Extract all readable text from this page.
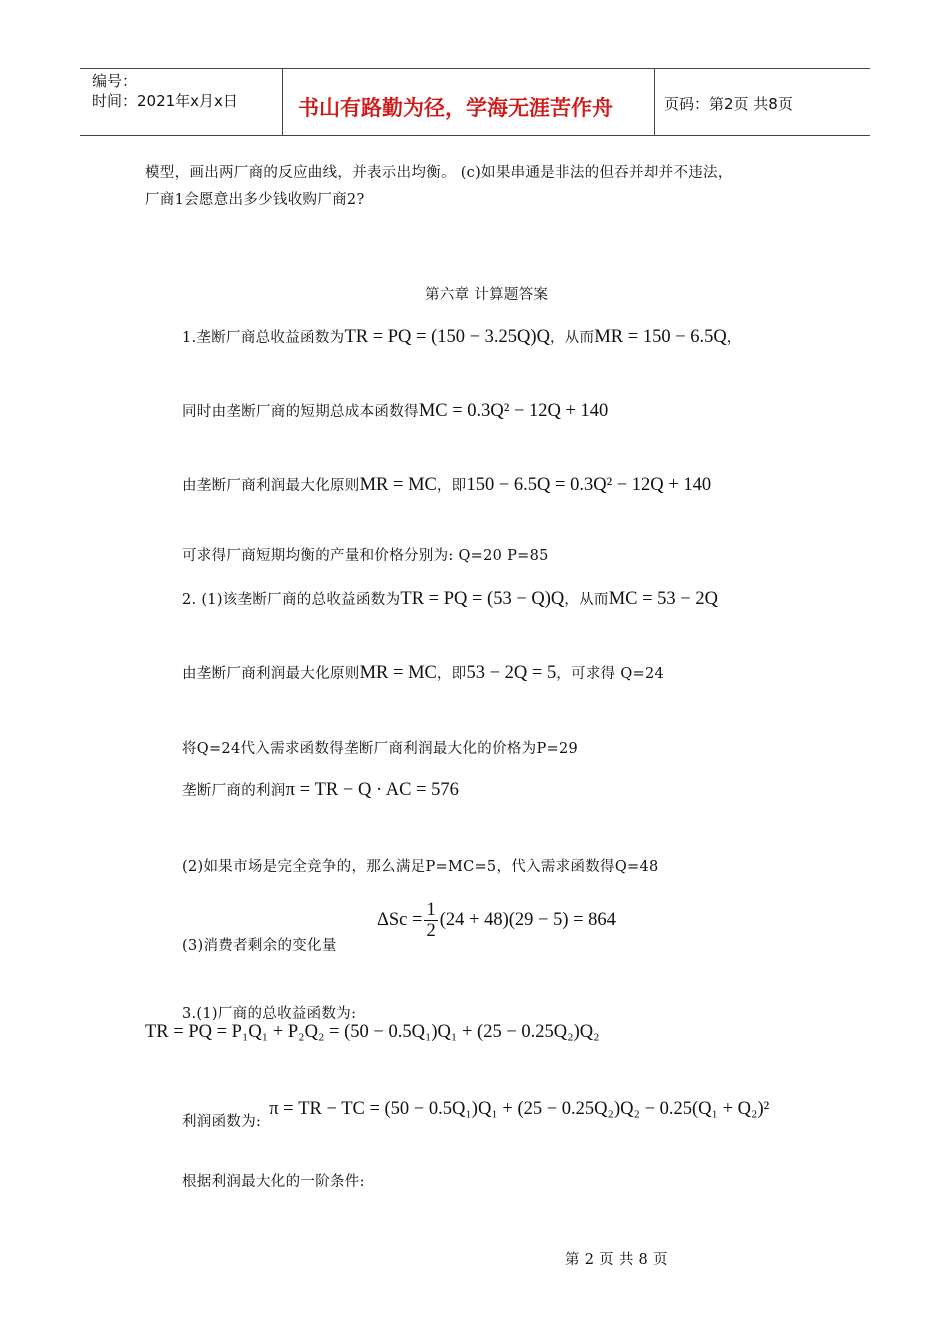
编号：
时间：2021年x月x日	书山有路勤为径，学海无涯苦作舟	页码：第2页 共8页
模型，画出两厂商的反应曲线，并表示出均衡。 (c)如果串通是非法的但吞并却并不违法，
厂商1会愿意出多少钱收购厂商2?
第六章 计算题答案
1.垄断厂商总收益函数为TR = PQ = (150 − 3.25Q)Q，从而MR = 150 − 6.5Q，
同时由垄断厂商的短期总成本函数得MC = 0.3Q² − 12Q + 140
由垄断厂商利润最大化原则MR = MC，即150 − 6.5Q = 0.3Q² − 12Q + 140
可求得厂商短期均衡的产量和价格分别为: Q=20 P=85
2. (1)该垄断厂商的总收益函数为TR = PQ = (53 − Q)Q，从而MC = 53 − 2Q
由垄断厂商利润最大化原则MR = MC，即53 − 2Q = 5，可求得 Q=24
将Q=24代入需求函数得垄断厂商利润最大化的价格为P=29
垄断厂商的利润π = TR − Q · AC = 576
(2)如果市场是完全竞争的，那么满足P=MC=5，代入需求函数得Q=48
(3)消费者剩余的变化量
$\Delta Sc = \frac{1}{2} (24 + 48)(29 - 5) = 864$
3.(1)厂商的总收益函数为:
TR = PQ = P₁Q₁ + P₂Q₂ = (50 − 0.5Q₁)Q₁ + (25 − 0.25Q₂)Q₂
利润函数为:π = TR − TC = (50 − 0.5Q₁)Q₁ + (25 − 0.25Q₂)Q₂ − 0.25(Q₁ + Q₂)²
根据利润最大化的一阶条件:
第 2 页 共 8 页
